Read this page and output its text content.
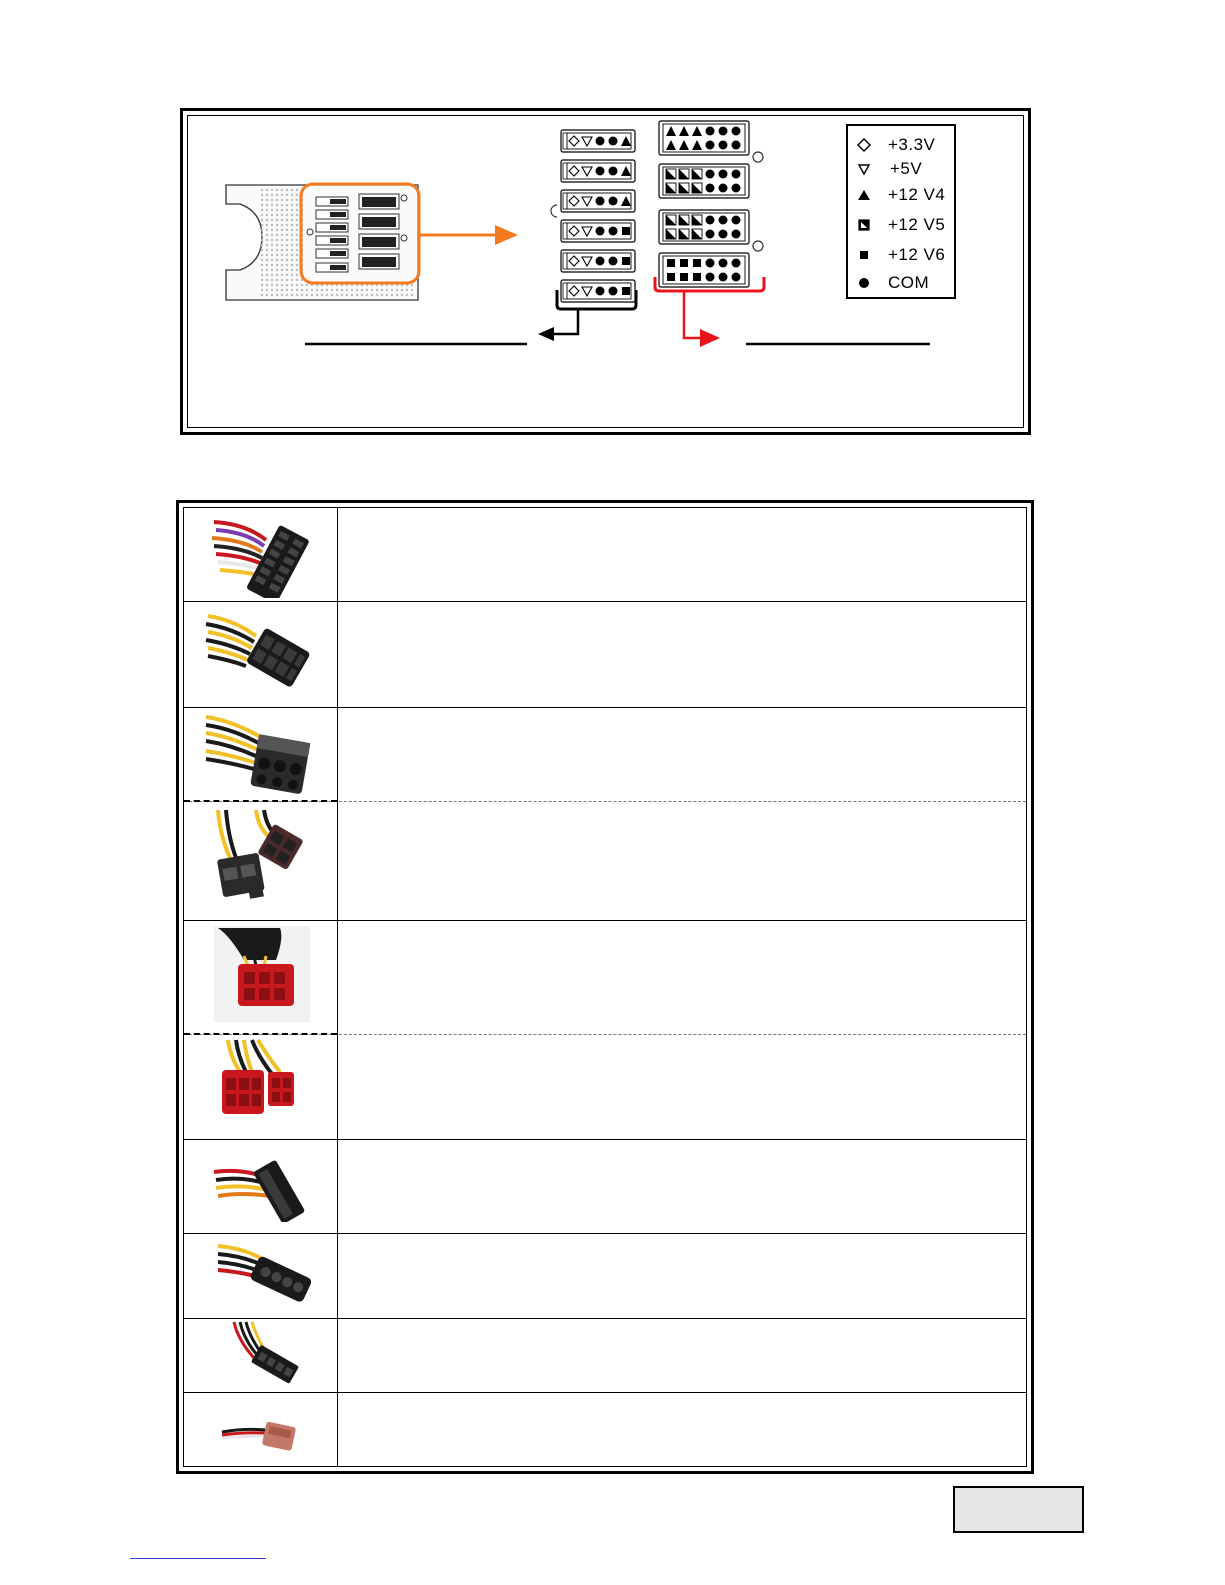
+3.3V
+5V
+12 V4
+12 V5
+12 V6
COM
